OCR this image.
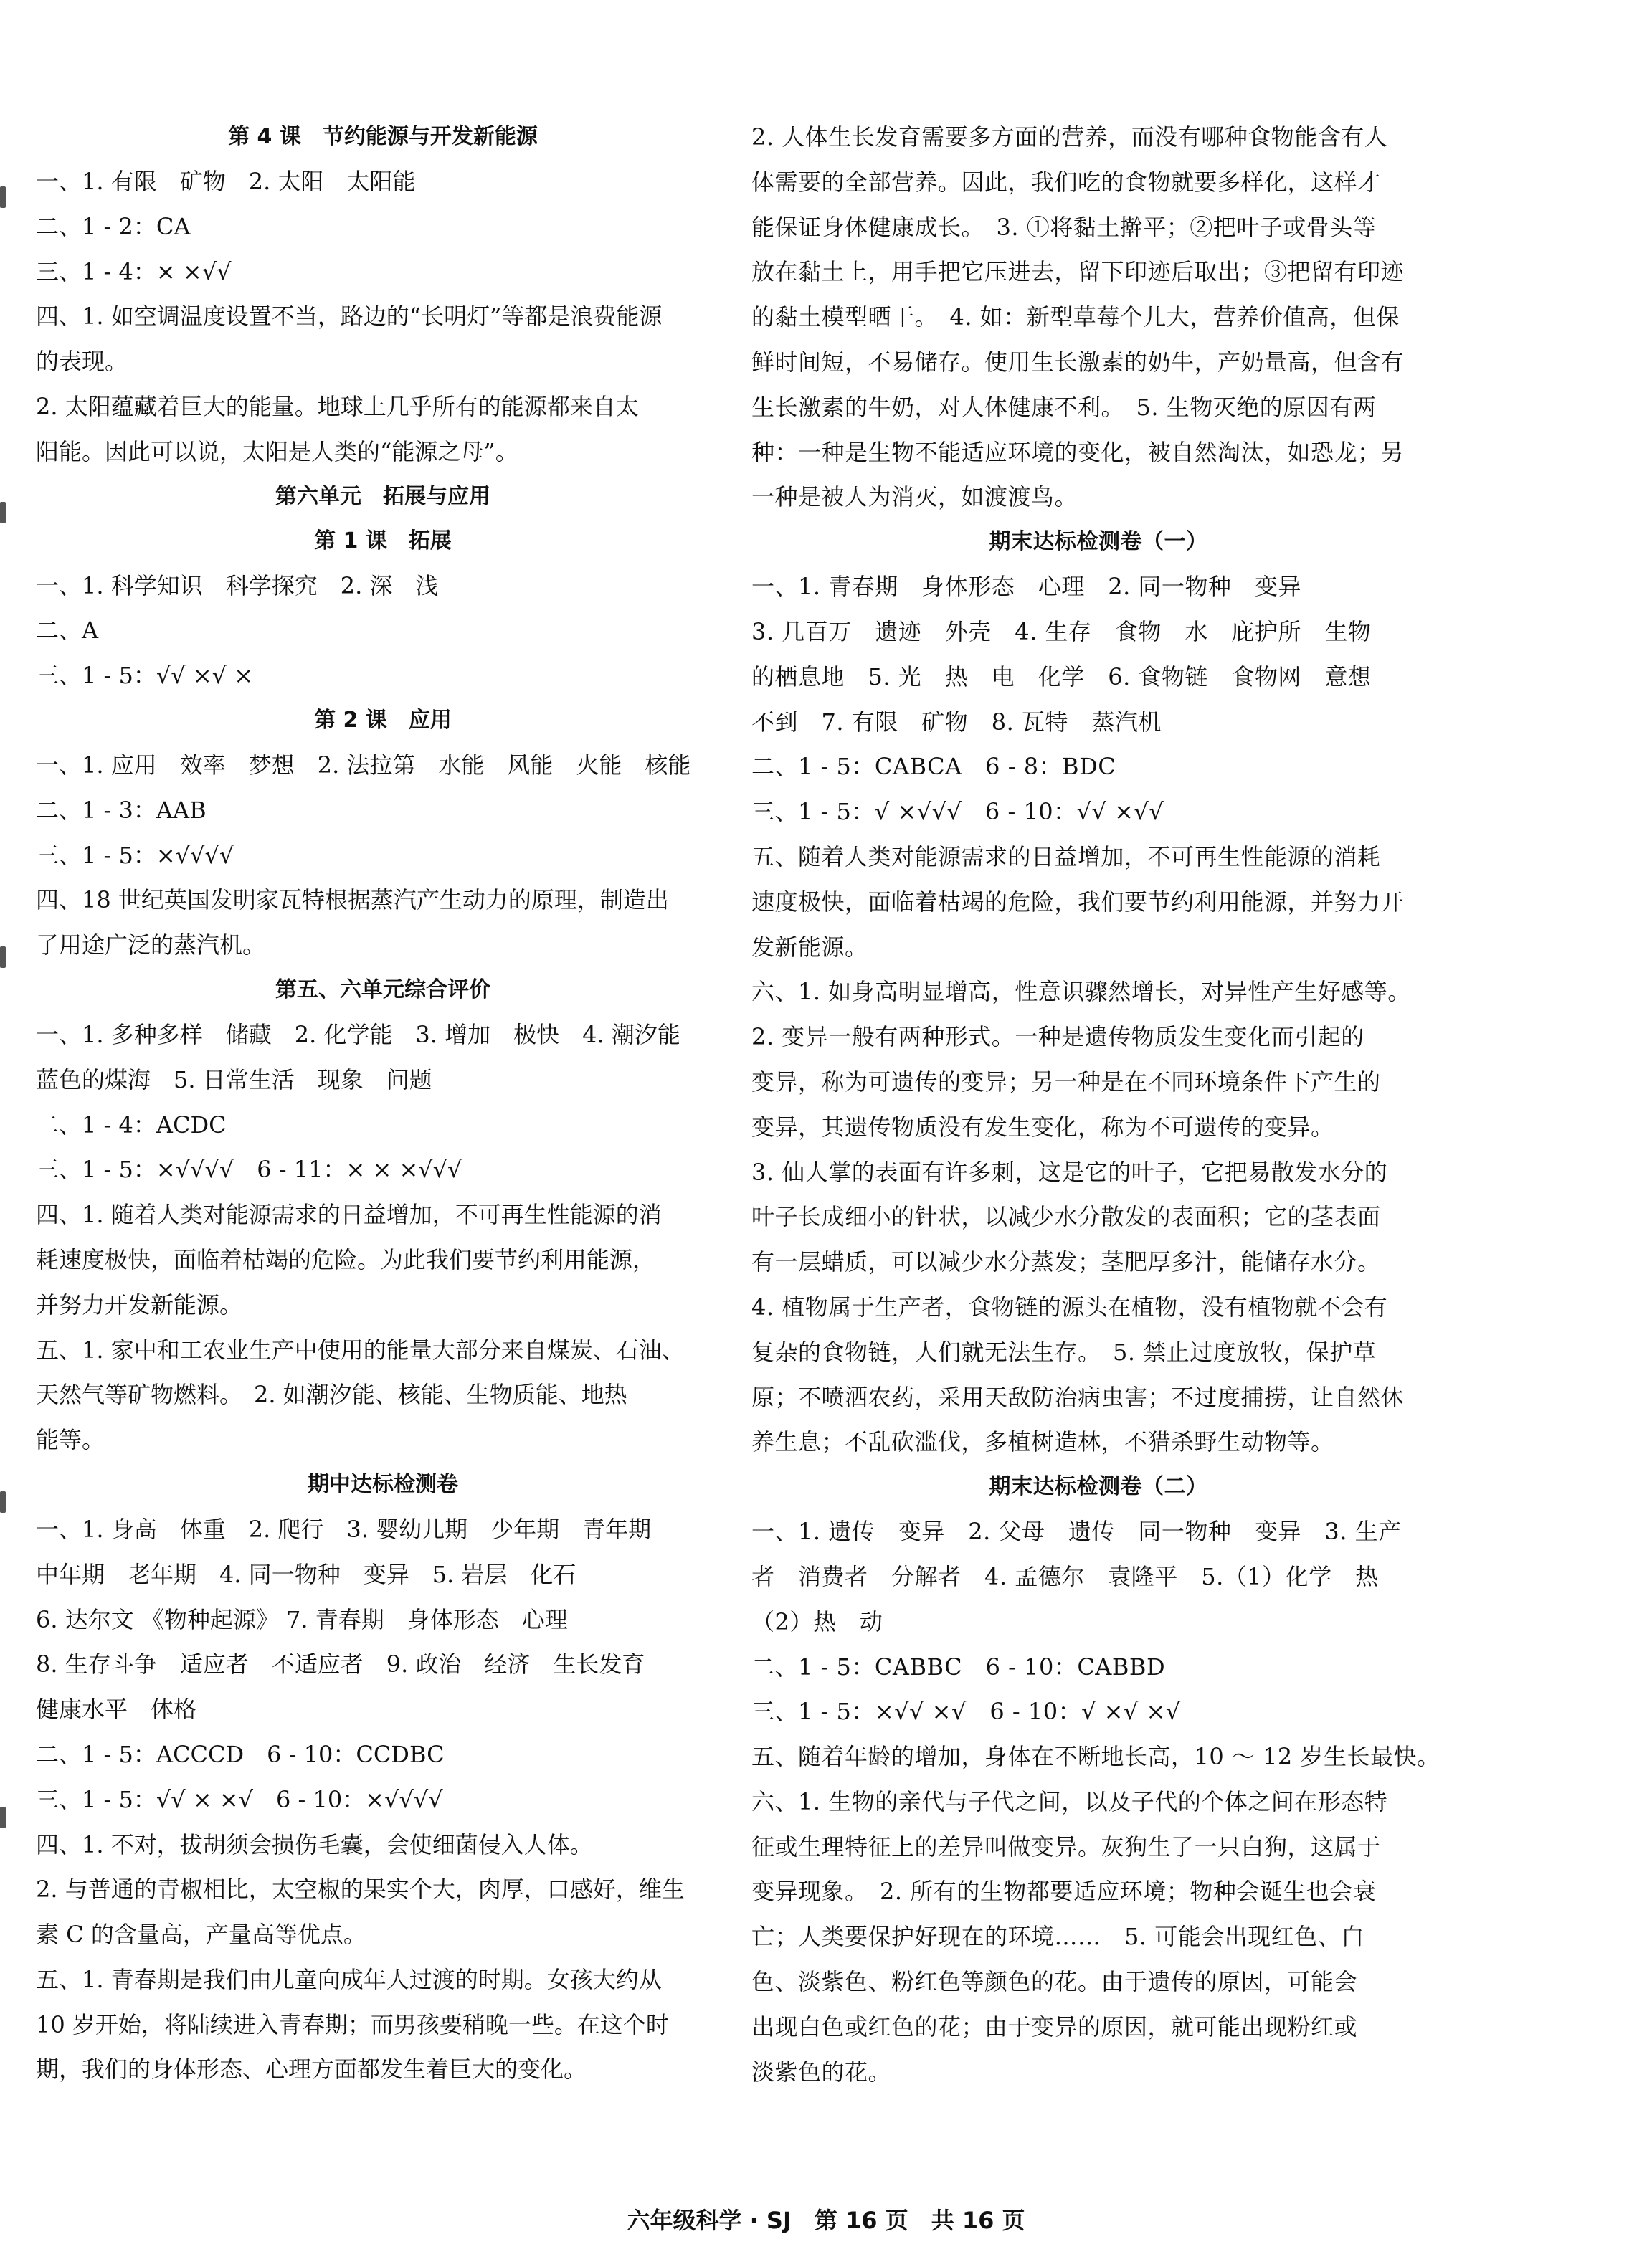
第 4 课　节约能源与开发新能源
一、1. 有限　矿物　2. 太阳　太阳能
二、1 - 2：CA
三、1 - 4：× ×√√
四、1. 如空调温度设置不当，路边的“长明灯”等都是浪费能源
的表现。
2. 太阳蕴藏着巨大的能量。地球上几乎所有的能源都来自太
阳能。因此可以说，太阳是人类的“能源之母”。
第六单元　拓展与应用
第 1 课　拓展
一、1. 科学知识　科学探究　2. 深　浅
二、A
三、1 - 5：√√ ×√ ×
第 2 课　应用
一、1. 应用　效率　梦想　2. 法拉第　水能　风能　火能　核能
二、1 - 3：AAB
三、1 - 5：×√√√√
四、18 世纪英国发明家瓦特根据蒸汽产生动力的原理，制造出
了用途广泛的蒸汽机。
第五、六单元综合评价
一、1. 多种多样　储藏　2. 化学能　3. 增加　极快　4. 潮汐能
蓝色的煤海　5. 日常生活　现象　问题
二、1 - 4：ACDC
三、1 - 5：×√√√√　6 - 11：× × ×√√√
四、1. 随着人类对能源需求的日益增加，不可再生性能源的消
耗速度极快，面临着枯竭的危险。为此我们要节约利用能源，
并努力开发新能源。
五、1. 家中和工农业生产中使用的能量大部分来自煤炭、石油、
天然气等矿物燃料。　2. 如潮汐能、核能、生物质能、地热
能等。
期中达标检测卷
一、1. 身高　体重　2. 爬行　3. 婴幼儿期　少年期　青年期
中年期　老年期　4. 同一物种　变异　5. 岩层　化石
6. 达尔文 《物种起源》 7. 青春期　身体形态　心理
8. 生存斗争　适应者　不适应者　9. 政治　经济　生长发育
健康水平　体格
二、1 - 5：ACCCD　6 - 10：CCDBC
三、1 - 5：√√ × ×√　6 - 10：×√√√√
四、1. 不对，拔胡须会损伤毛囊，会使细菌侵入人体。
2. 与普通的青椒相比，太空椒的果实个大，肉厚，口感好，维生
素 C 的含量高，产量高等优点。
五、1. 青春期是我们由儿童向成年人过渡的时期。女孩大约从
10 岁开始，将陆续进入青春期；而男孩要稍晚一些。在这个时
期，我们的身体形态、心理方面都发生着巨大的变化。
2. 人体生长发育需要多方面的营养，而没有哪种食物能含有人
体需要的全部营养。因此，我们吃的食物就要多样化，这样才
能保证身体健康成长。　3. ①将黏土擀平；②把叶子或骨头等
放在黏土上，用手把它压进去，留下印迹后取出；③把留有印迹
的黏土模型晒干。　4. 如：新型草莓个儿大，营养价值高，但保
鲜时间短，不易储存。使用生长激素的奶牛，产奶量高，但含有
生长激素的牛奶，对人体健康不利。　5. 生物灭绝的原因有两
种：一种是生物不能适应环境的变化，被自然淘汰，如恐龙；另
一种是被人为消灭，如渡渡鸟。
期末达标检测卷（一）
一、1. 青春期　身体形态　心理　2. 同一物种　变异
3. 几百万　遗迹　外壳　4. 生存　食物　水　庇护所　生物
的栖息地　5. 光　热　电　化学　6. 食物链　食物网　意想
不到　7. 有限　矿物　8. 瓦特　蒸汽机
二、1 - 5：CABCA　6 - 8：BDC
三、1 - 5：√ ×√√√　6 - 10：√√ ×√√
五、随着人类对能源需求的日益增加，不可再生性能源的消耗
速度极快，面临着枯竭的危险，我们要节约利用能源，并努力开
发新能源。
六、1. 如身高明显增高，性意识骤然增长，对异性产生好感等。
2. 变异一般有两种形式。一种是遗传物质发生变化而引起的
变异，称为可遗传的变异；另一种是在不同环境条件下产生的
变异，其遗传物质没有发生变化，称为不可遗传的变异。
3. 仙人掌的表面有许多刺，这是它的叶子，它把易散发水分的
叶子长成细小的针状，以减少水分散发的表面积；它的茎表面
有一层蜡质，可以减少水分蒸发；茎肥厚多汁，能储存水分。
4. 植物属于生产者，食物链的源头在植物，没有植物就不会有
复杂的食物链，人们就无法生存。　5. 禁止过度放牧，保护草
原；不喷洒农药，采用天敌防治病虫害；不过度捕捞，让自然休
养生息；不乱砍滥伐，多植树造林，不猎杀野生动物等。
期末达标检测卷（二）
一、1. 遗传　变异　2. 父母　遗传　同一物种　变异　3. 生产
者　消费者　分解者　4. 孟德尔　袁隆平　5.（1）化学　热
（2）热　动
二、1 - 5：CABBC　6 - 10：CABBD
三、1 - 5：×√√ ×√　6 - 10：√ ×√ ×√
五、随着年龄的增加，身体在不断地长高，10 ～ 12 岁生长最快。
六、1. 生物的亲代与子代之间，以及子代的个体之间在形态特
征或生理特征上的差异叫做变异。灰狗生了一只白狗，这属于
变异现象。　2. 所有的生物都要适应环境；物种会诞生也会衰
亡；人类要保护好现在的环境……　5. 可能会出现红色、白
色、淡紫色、粉红色等颜色的花。由于遗传的原因，可能会
出现白色或红色的花；由于变异的原因，就可能出现粉红或
淡紫色的花。
六年级科学 · SJ　 第 16 页　共 16 页
